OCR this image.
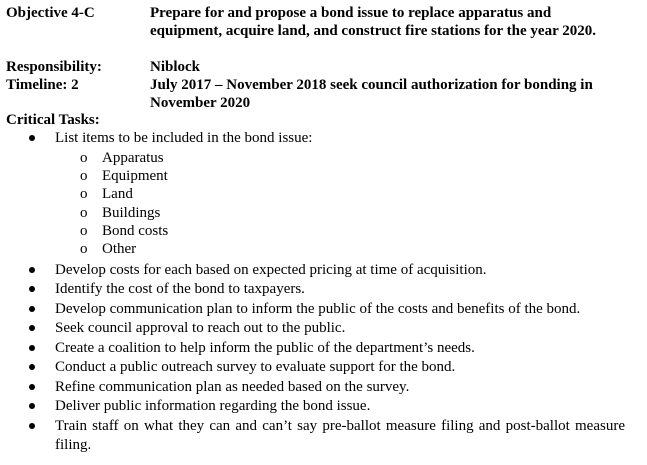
Objective 4-C	Prepare for and propose a bond issue to replace apparatus and equipment, acquire land, and construct fire stations for the year 2020.
Responsibility:	Niblock
Timeline: 2	July 2017 – November 2018 seek council authorization for bonding in November 2020
Critical Tasks:
List items to be included in the bond issue:
o Apparatus
o Equipment
o Land
o Buildings
o Bond costs
o Other
Develop costs for each based on expected pricing at time of acquisition.
Identify the cost of the bond to taxpayers.
Develop communication plan to inform the public of the costs and benefits of the bond.
Seek council approval to reach out to the public.
Create a coalition to help inform the public of the department’s needs.
Conduct a public outreach survey to evaluate support for the bond.
Refine communication plan as needed based on the survey.
Deliver public information regarding the bond issue.
Train staff on what they can and can’t say pre-ballot measure filing and post-ballot measure filing.
